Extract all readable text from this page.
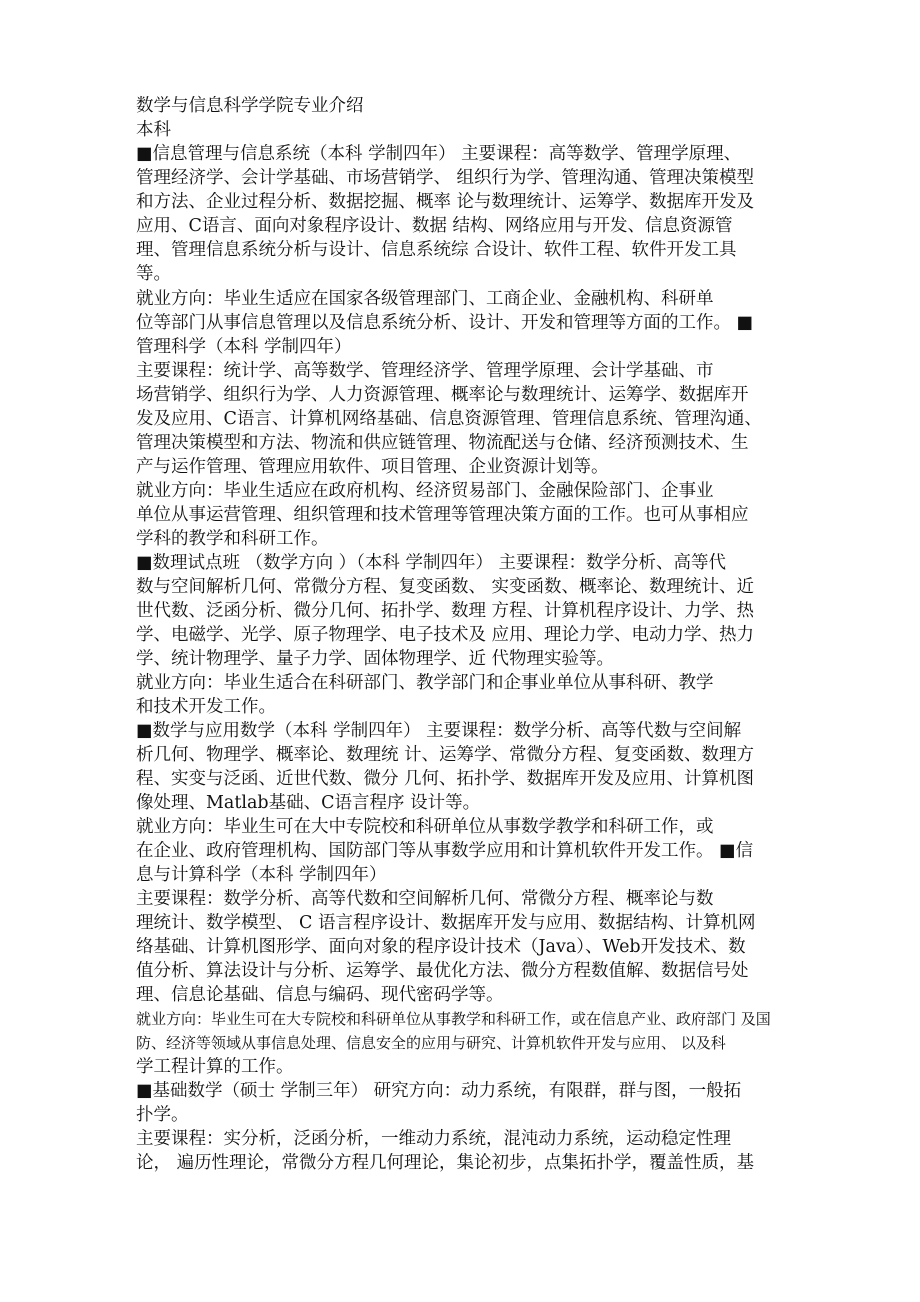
数学与信息科学学院专业介绍
本科
■信息管理与信息系统（本科 学制四年） 主要课程：高等数学、管理学原理、
管理经济学、会计学基础、市场营销学、 组织行为学、管理沟通、管理决策模型
和方法、企业过程分析、数据挖掘、概率 论与数理统计、运筹学、数据库开发及
应用、C语言、面向对象程序设计、数据 结构、网络应用与开发、信息资源管
理、管理信息系统分析与设计、信息系统综 合设计、软件工程、软件开发工具
等。
就业方向：毕业生适应在国家各级管理部门、工商企业、金融机构、科研单
位等部门从事信息管理以及信息系统分析、设计、开发和管理等方面的工作。 ■
管理科学（本科 学制四年）
主要课程：统计学、高等数学、管理经济学、管理学原理、会计学基础、市
场营销学、组织行为学、人力资源管理、概率论与数理统计、运筹学、数据库开
发及应用、C语言、计算机网络基础、信息资源管理、管理信息系统、管理沟通、
管理决策模型和方法、物流和供应链管理、物流配送与仓储、经济预测技术、生
产与运作管理、管理应用软件、项目管理、企业资源计划等。
就业方向：毕业生适应在政府机构、经济贸易部门、金融保险部门、企事业
单位从事运营管理、组织管理和技术管理等管理决策方面的工作。也可从事相应
学科的教学和科研工作。
■数理试点班 （数学方向 ）（本科 学制四年） 主要课程：数学分析、高等代
数与空间解析几何、常微分方程、复变函数、 实变函数、概率论、数理统计、近
世代数、泛函分析、微分几何、拓扑学、数理 方程、计算机程序设计、力学、热
学、电磁学、光学、原子物理学、电子技术及 应用、理论力学、电动力学、热力
学、统计物理学、量子力学、固体物理学、近 代物理实验等。
就业方向：毕业生适合在科研部门、教学部门和企事业单位从事科研、教学
和技术开发工作。
■数学与应用数学（本科 学制四年） 主要课程：数学分析、高等代数与空间解
析几何、物理学、概率论、数理统 计、运筹学、常微分方程、复变函数、数理方
程、实变与泛函、近世代数、微分 几何、拓扑学、数据库开发及应用、计算机图
像处理、Matlab基础、C语言程序 设计等。
就业方向：毕业生可在大中专院校和科研单位从事数学教学和科研工作，或
在企业、政府管理机构、国防部门等从事数学应用和计算机软件开发工作。 ■信
息与计算科学（本科 学制四年）
主要课程：数学分析、高等代数和空间解析几何、常微分方程、概率论与数
理统计、数学模型、 C 语言程序设计、数据库开发与应用、数据结构、计算机网
络基础、计算机图形学、面向对象的程序设计技术（Java）、Web开发技术、数
值分析、算法设计与分析、运筹学、最优化方法、微分方程数值解、数据信号处
理、信息论基础、信息与编码、现代密码学等。
就业方向：毕业生可在大专院校和科研单位从事教学和科研工作，或在信息产业、政府部门 及国
防、经济等领域从事信息处理、信息安全的应用与研究、计算机软件开发与应用、 以及科
学工程计算的工作。
■基础数学（硕士 学制三年） 研究方向：动力系统，有限群，群与图，一般拓
扑学。
主要课程：实分析，泛函分析，一维动力系统，混沌动力系统，运动稳定性理
论， 遍历性理论，常微分方程几何理论，集论初步，点集拓扑学，覆盖性质，基
